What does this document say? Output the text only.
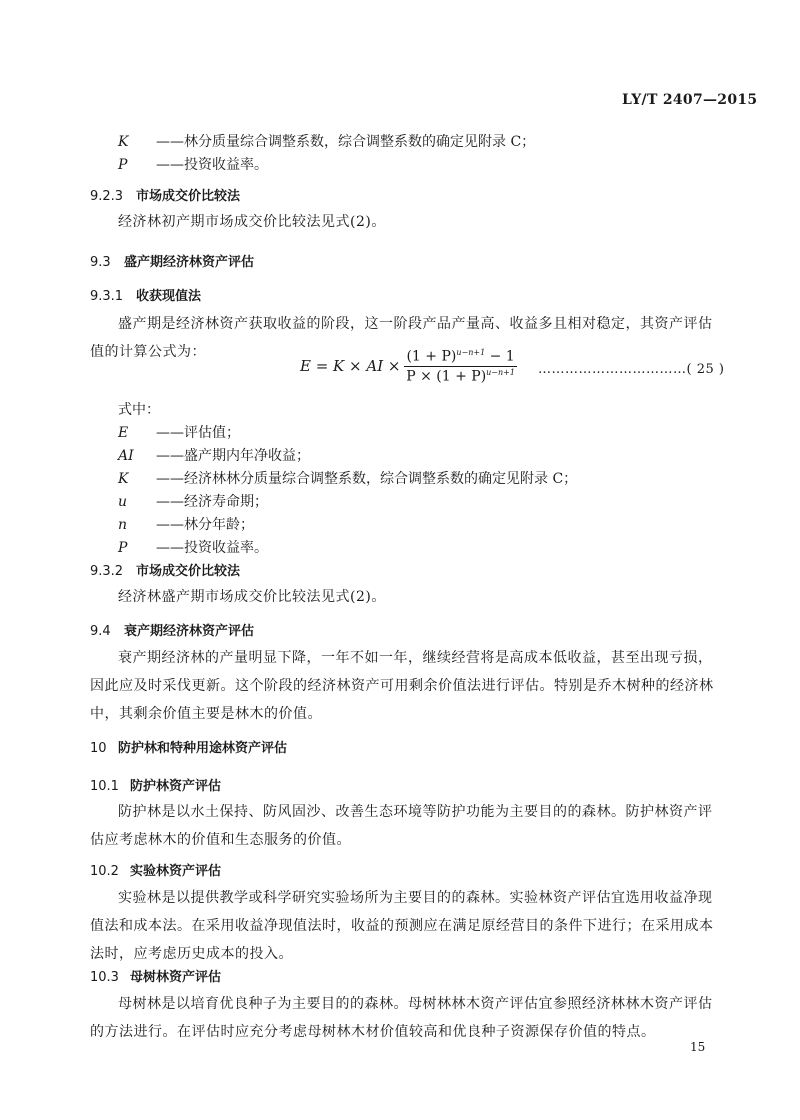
LY/T 2407—2015
K ——林分质量综合调整系数，综合调整系数的确定见附录 C；
P ——投资收益率。
9.2.3 市场成交价比较法
经济林初产期市场成交价比较法见式(2)。
9.3 盛产期经济林资产评估
9.3.1 收获现值法
盛产期是经济林资产获取收益的阶段，这一阶段产品产量高、收益多且相对稳定，其资产评估值的计算公式为：
E = K × AI × $\frac{(1 + P)^{u-n+1} - 1}{P \times (1 + P)^{u-n+1}}$ ……………………………( 25 )
式中：
E ——评估值；
AI ——盛产期内年净收益；
K ——经济林林分质量综合调整系数，综合调整系数的确定见附录 C；
u ——经济寿命期；
n ——林分年龄；
P ——投资收益率。
9.3.2 市场成交价比较法
经济林盛产期市场成交价比较法见式(2)。
9.4 衰产期经济林资产评估
衰产期经济林的产量明显下降，一年不如一年，继续经营将是高成本低收益，甚至出现亏损，因此应及时采伐更新。这个阶段的经济林资产可用剩余价值法进行评估。特别是乔木树种的经济林中，其剩余价值主要是林木的价值。
10 防护林和特种用途林资产评估
10.1 防护林资产评估
防护林是以水土保持、防风固沙、改善生态环境等防护功能为主要目的的森林。防护林资产评估应考虑林木的价值和生态服务的价值。
10.2 实验林资产评估
实验林是以提供教学或科学研究实验场所为主要目的的森林。实验林资产评估宜选用收益净现值法和成本法。在采用收益净现值法时，收益的预测应在满足原经营目的条件下进行；在采用成本法时，应考虑历史成本的投入。
10.3 母树林资产评估
母树林是以培育优良种子为主要目的的森林。母树林林木资产评估宜参照经济林林木资产评估的方法进行。在评估时应充分考虑母树林木材价值较高和优良种子资源保存价值的特点。
15
